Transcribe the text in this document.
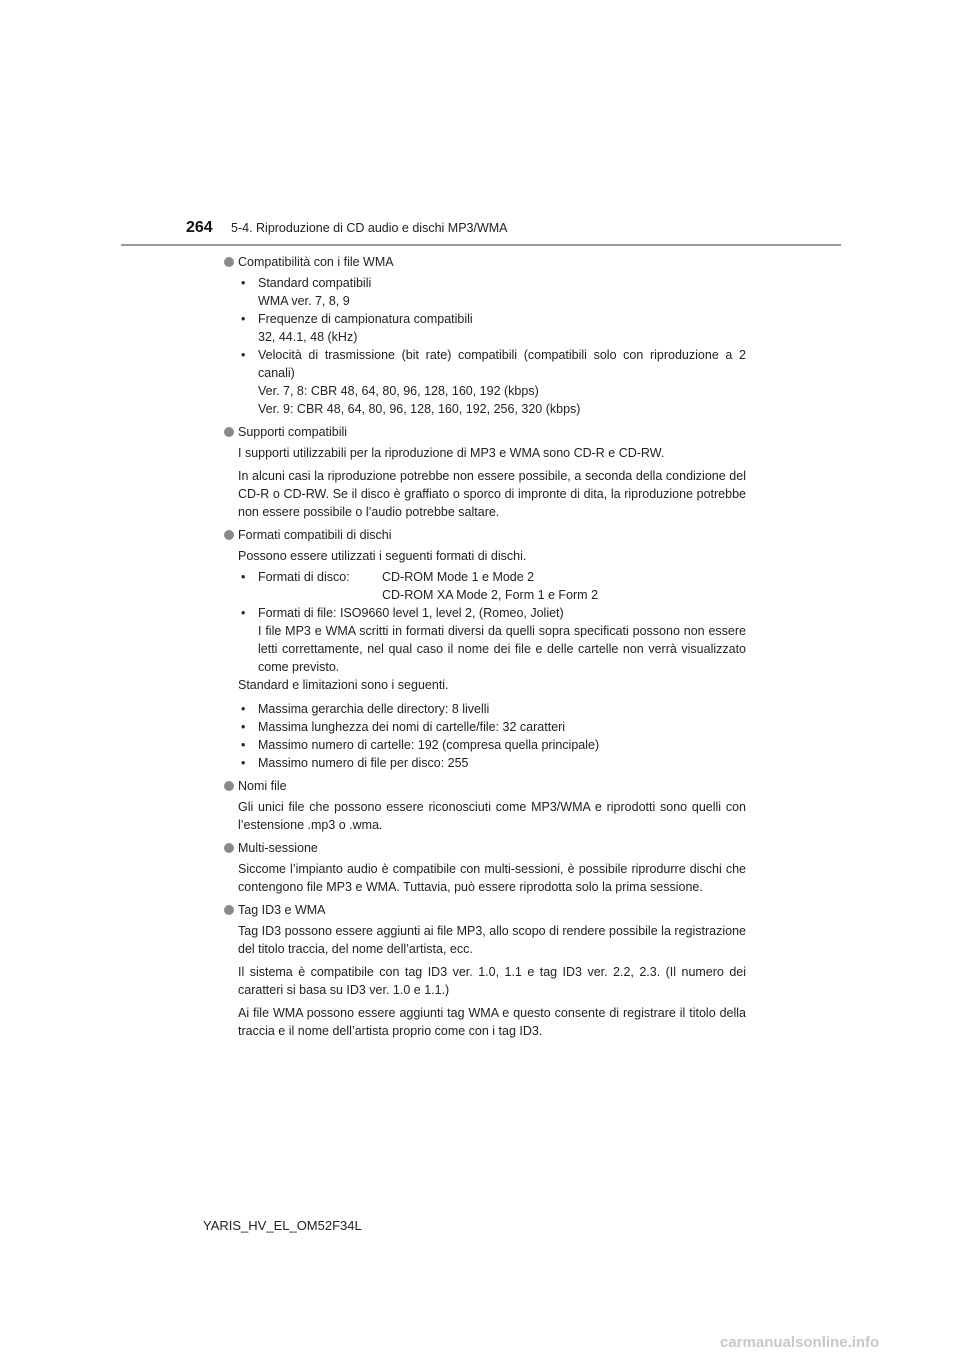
264 5-4. Riproduzione di CD audio e dischi MP3/WMA
Compatibilità con i file WMA
• Standard compatibili
WMA ver. 7, 8, 9
• Frequenze di campionatura compatibili
32, 44.1, 48 (kHz)
• Velocità di trasmissione (bit rate) compatibili (compatibili solo con riproduzione a 2 canali)
Ver. 7, 8: CBR 48, 64, 80, 96, 128, 160, 192 (kbps)
Ver. 9: CBR 48, 64, 80, 96, 128, 160, 192, 256, 320 (kbps)
Supporti compatibili

I supporti utilizzabili per la riproduzione di MP3 e WMA sono CD-R e CD-RW.

In alcuni casi la riproduzione potrebbe non essere possibile, a seconda della condizione del CD-R o CD-RW. Se il disco è graffiato o sporco di impronte di dita, la riproduzione potrebbe non essere possibile o l’audio potrebbe saltare.

Formati compatibili di dischi

Possono essere utilizzati i seguenti formati di dischi.

• Formati di disco:	CD-ROM Mode 1 e Mode 2
CD-ROM XA Mode 2, Form 1 e Form 2
• Formati di file: ISO9660 level 1, level 2, (Romeo, Joliet)
I file MP3 e WMA scritti in formati diversi da quelli sopra specificati possono non essere letti correttamente, nel qual caso il nome dei file e delle cartelle non verrà visualizzato come previsto.
Standard e limitazioni sono i seguenti.
• Massima gerarchia delle directory: 8 livelli
• Massima lunghezza dei nomi di cartelle/file: 32 caratteri
• Massimo numero di cartelle: 192 (compresa quella principale)
• Massimo numero di file per disco: 255
Nomi file

Gli unici file che possono essere riconosciuti come MP3/WMA e riprodotti sono quelli con l’estensione .mp3 o .wma.

Multi-sessione

Siccome l’impianto audio è compatibile con multi-sessioni, è possibile riprodurre dischi che contengono file MP3 e WMA. Tuttavia, può essere riprodotta solo la prima sessione.

Tag ID3 e WMA

Tag ID3 possono essere aggiunti ai file MP3, allo scopo di rendere possibile la registrazione del titolo traccia, del nome dell’artista, ecc.

Il sistema è compatibile con tag ID3 ver. 1.0, 1.1 e tag ID3 ver. 2.2, 2.3. (Il numero dei caratteri si basa su ID3 ver. 1.0 e 1.1.)

Ai file WMA possono essere aggiunti tag WMA e questo consente di registrare il titolo della traccia e il nome dell’artista proprio come con i tag ID3.

YARIS_HV_EL_OM52F34L
carmanualsonline.info
